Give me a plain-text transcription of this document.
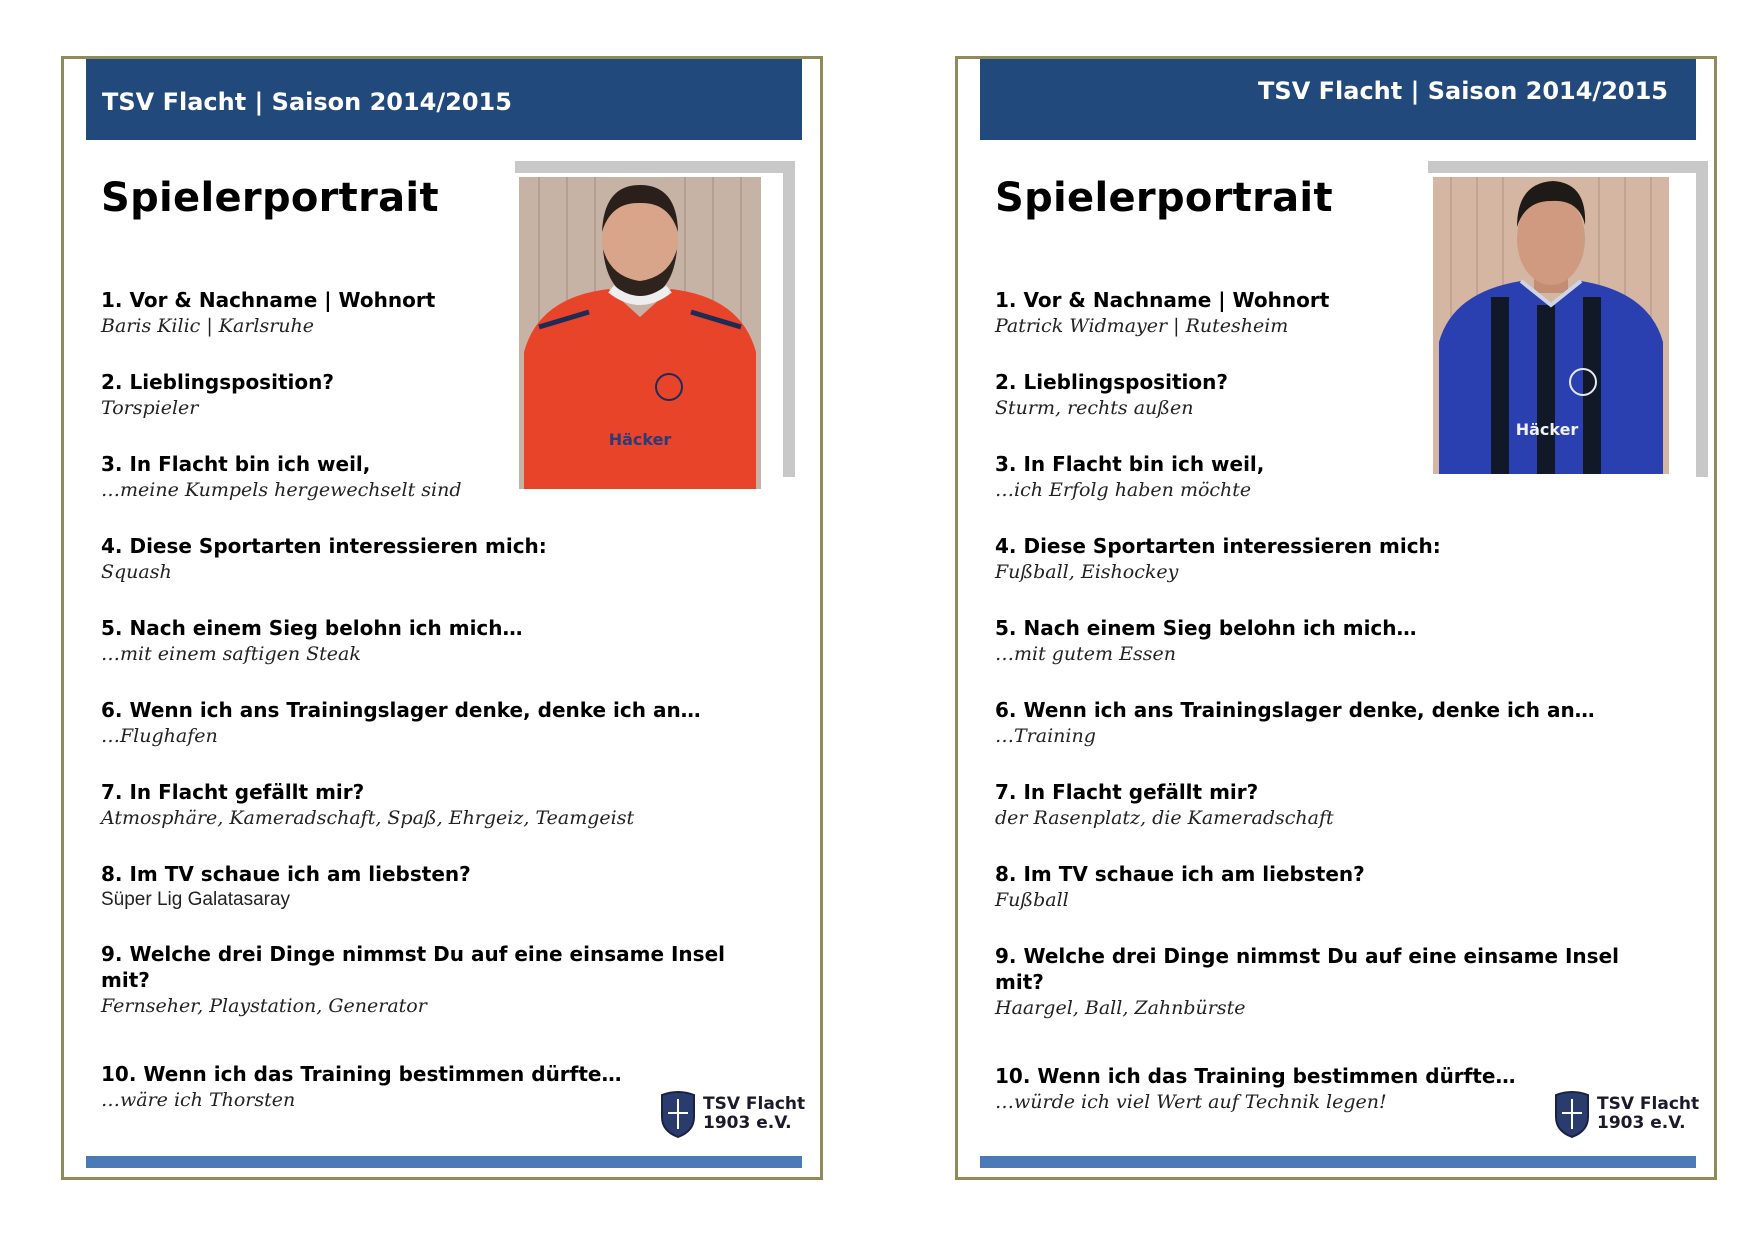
TSV Flacht | Saison 2014/2015
Spielerportrait
Häcker
1. Vor & Nachname | Wohnort
Baris Kilic | Karlsruhe
2. Lieblingsposition?
Torspieler
3. In Flacht bin ich weil,
…meine Kumpels hergewechselt sind
4. Diese Sportarten interessieren mich:
Squash
5. Nach einem Sieg belohn ich mich…
…mit einem saftigen Steak
6. Wenn ich ans Trainingslager denke, denke ich an…
…Flughafen
7. In Flacht gefällt mir?
Atmosphäre, Kameradschaft, Spaß, Ehrgeiz, Teamgeist
8. Im TV schaue ich am liebsten?
Süper Lig Galatasaray
9. Welche drei Dinge nimmst Du auf eine einsame Insel mit?
Fernseher, Playstation, Generator
10. Wenn ich das Training bestimmen dürfte…
…wäre ich Thorsten	TSV Flacht
1903 e.V.
TSV Flacht | Saison 2014/2015
Spielerportrait
Häcker
1. Vor & Nachname | Wohnort
Patrick Widmayer | Rutesheim
2. Lieblingsposition?
Sturm, rechts außen
3. In Flacht bin ich weil,
…ich Erfolg haben möchte
4. Diese Sportarten interessieren mich:
Fußball, Eishockey
5. Nach einem Sieg belohn ich mich…
…mit gutem Essen
6. Wenn ich ans Trainingslager denke, denke ich an…
…Training
7. In Flacht gefällt mir?
der Rasenplatz, die Kameradschaft
8. Im TV schaue ich am liebsten?
Fußball
9. Welche drei Dinge nimmst Du auf eine einsame Insel mit?
Haargel, Ball, Zahnbürste
10. Wenn ich das Training bestimmen dürfte…
…würde ich viel Wert auf Technik legen!	TSV Flacht
1903 e.V.
